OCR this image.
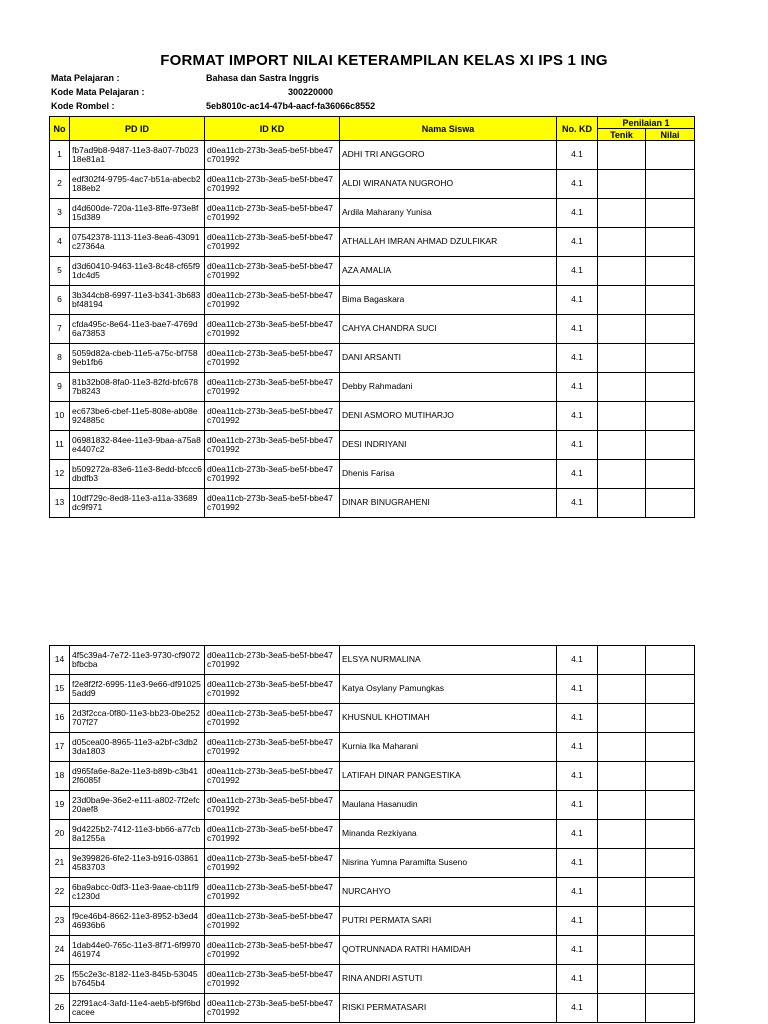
FORMAT IMPORT NILAI KETERAMPILAN KELAS XI IPS 1 ING
Mata Pelajaran :	Bahasa dan Sastra Inggris
Kode Mata Pelajaran :	300220000
Kode Rombel :	5eb8010c-ac14-47b4-aacf-fa36066c8552
No	PD ID	ID KD	Nama Siswa	No. KD	Penilaian 1	
					Tenik	Nilai
1	fb7ad9b8-9487-11e3-8a07-7b02318e81a1	d0ea11cb-273b-3ea5-be5f-bbe47c701992	ADHI TRI ANGGORO	4.1		
2	edf302f4-9795-4ac7-b51a-abecb2188eb2	d0ea11cb-273b-3ea5-be5f-bbe47c701992	ALDI WIRANATA NUGROHO	4.1		
3	d4d600de-720a-11e3-8ffe-973e8f15d389	d0ea11cb-273b-3ea5-be5f-bbe47c701992	Ardila Maharany Yunisa	4.1		
4	07542378-1113-11e3-8ea6-43091c27364a	d0ea11cb-273b-3ea5-be5f-bbe47c701992	ATHALLAH IMRAN AHMAD DZULFIKAR	4.1		
5	d3d60410-9463-11e3-8c48-cf65f91dc4d5	d0ea11cb-273b-3ea5-be5f-bbe47c701992	AZA AMALIA	4.1		
6	3b344cb8-6997-11e3-b341-3b683bf48194	d0ea11cb-273b-3ea5-be5f-bbe47c701992	Bima Bagaskara	4.1		
7	cfda495c-8e64-11e3-bae7-4769d6a73853	d0ea11cb-273b-3ea5-be5f-bbe47c701992	CAHYA CHANDRA SUCI	4.1		
8	5059d82a-cbeb-11e5-a75c-bf7589eb1fb6	d0ea11cb-273b-3ea5-be5f-bbe47c701992	DANI ARSANTI	4.1		
9	81b32b08-8fa0-11e3-82fd-bfc6787b8243	d0ea11cb-273b-3ea5-be5f-bbe47c701992	Debby Rahmadani	4.1		
10	ec673be6-cbef-11e5-808e-ab08e924885c	d0ea11cb-273b-3ea5-be5f-bbe47c701992	DENI ASMORO MUTIHARJO	4.1		
11	06981832-84ee-11e3-9baa-a75a8e4407c2	d0ea11cb-273b-3ea5-be5f-bbe47c701992	DESI INDRIYANI	4.1		
12	b509272a-83e6-11e3-8edd-bfccc6dbdfb3	d0ea11cb-273b-3ea5-be5f-bbe47c701992	Dhenis Farisa	4.1		
13	10df729c-8ed8-11e3-a11a-33689dc9f971	d0ea11cb-273b-3ea5-be5f-bbe47c701992	DINAR BINUGRAHENI	4.1		
14	4f5c39a4-7e72-11e3-9730-cf9072bfbcba	d0ea11cb-273b-3ea5-be5f-bbe47c701992	ELSYA NURMALINA	4.1		
15	f2e8f2f2-6995-11e3-9e66-df910255add9	d0ea11cb-273b-3ea5-be5f-bbe47c701992	Katya Osylany Pamungkas	4.1		
16	2d3f2cca-0f80-11e3-bb23-0be252707f27	d0ea11cb-273b-3ea5-be5f-bbe47c701992	KHUSNUL KHOTIMAH	4.1		
17	d05cea00-8965-11e3-a2bf-c3db23da1803	d0ea11cb-273b-3ea5-be5f-bbe47c701992	Kurnia Ika Maharani	4.1		
18	d965fa6e-8a2e-11e3-b89b-c3b412f6085f	d0ea11cb-273b-3ea5-be5f-bbe47c701992	LATIFAH DINAR PANGESTIKA	4.1		
19	23d0ba9e-36e2-e111-a802-7f2efc20aef8	d0ea11cb-273b-3ea5-be5f-bbe47c701992	Maulana Hasanudin	4.1		
20	9d4225b2-7412-11e3-bb66-a77cb8a1255a	d0ea11cb-273b-3ea5-be5f-bbe47c701992	Minanda Rezkiyana	4.1		
21	9e399826-6fe2-11e3-b916-038614583703	d0ea11cb-273b-3ea5-be5f-bbe47c701992	Nisrina Yumna Paramifta Suseno	4.1		
22	6ba9abcc-0df3-11e3-9aae-cb11f9c1230d	d0ea11cb-273b-3ea5-be5f-bbe47c701992	NURCAHYO	4.1		
23	f9ce46b4-8662-11e3-8952-b3ed446936b6	d0ea11cb-273b-3ea5-be5f-bbe47c701992	PUTRI PERMATA SARI	4.1		
24	1dab44e0-765c-11e3-8f71-6f9970461974	d0ea11cb-273b-3ea5-be5f-bbe47c701992	QOTRUNNADA RATRI HAMIDAH	4.1		
25	f55c2e3c-8182-11e3-845b-53045b7645b4	d0ea11cb-273b-3ea5-be5f-bbe47c701992	RINA ANDRI ASTUTI	4.1		
26	22f91ac4-3afd-11e4-aeb5-bf9f6bdcacee	d0ea11cb-273b-3ea5-be5f-bbe47c701992	RISKI PERMATASARI	4.1		
